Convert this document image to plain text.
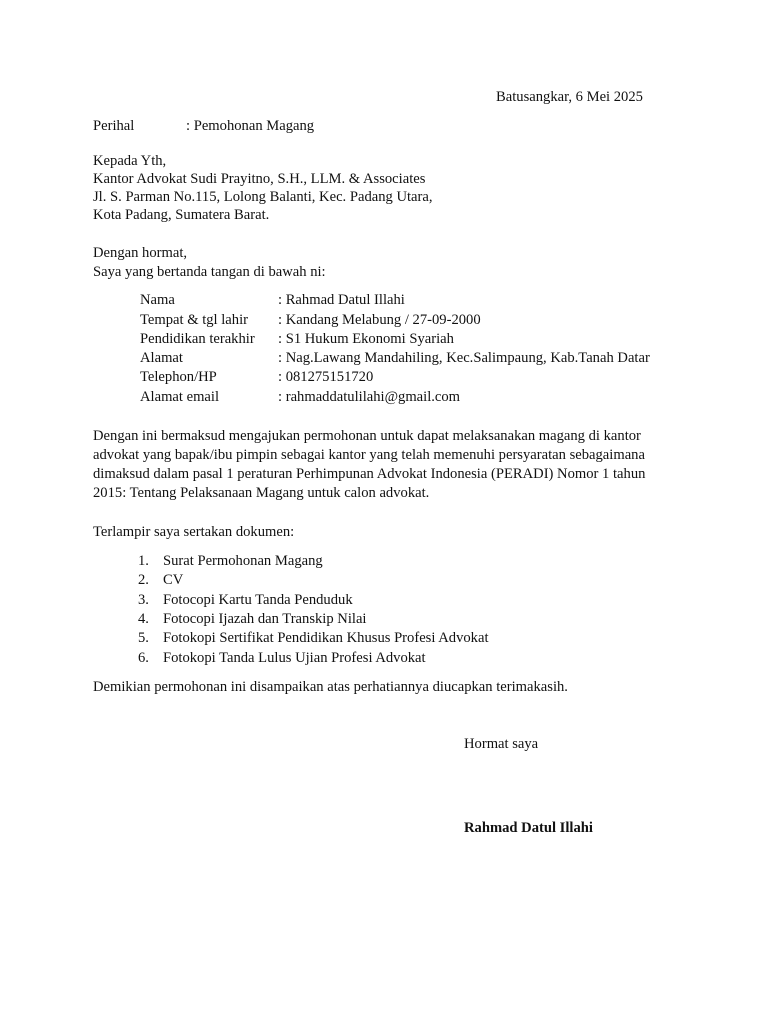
Batusangkar, 6 Mei 2025
Perihal	: Pemohonan Magang
Kepada Yth,
Kantor Advokat Sudi Prayitno, S.H., LLM. & Associates
Jl. S. Parman No.115, Lolong Balanti, Kec. Padang Utara,
Kota Padang, Sumatera Barat.
Dengan hormat,
Saya yang bertanda tangan di bawah ni:
Nama	: Rahmad Datul Illahi
Tempat & tgl lahir : Kandang Melabung / 27-09-2000
Pendidikan terakhir : S1 Hukum Ekonomi Syariah
Alamat	: Nag.Lawang Mandahiling, Kec.Salimpaung, Kab.Tanah Datar
Telephon/HP	: 081275151720
Alamat email	: rahmaddatulilahi@gmail.com
Dengan ini bermaksud mengajukan permohonan untuk dapat melaksanakan magang di kantor
advokat yang bapak/ibu pimpin sebagai kantor yang telah memenuhi persyaratan sebagaimana
dimaksud dalam pasal 1 peraturan Perhimpunan Advokat Indonesia (PERADI) Nomor 1 tahun
2015: Tentang Pelaksanaan Magang untuk calon advokat.
Terlampir saya sertakan dokumen:
1. Surat Permohonan Magang
2. CV
3. Fotocopi Kartu Tanda Penduduk
4. Fotocopi Ijazah dan Transkip Nilai
5. Fotokopi Sertifikat Pendidikan Khusus Profesi Advokat
6. Fotokopi Tanda Lulus Ujian Profesi Advokat
Demikian permohonan ini disampaikan atas perhatiannya diucapkan terimakasih.
Hormat saya
Rahmad Datul Illahi
